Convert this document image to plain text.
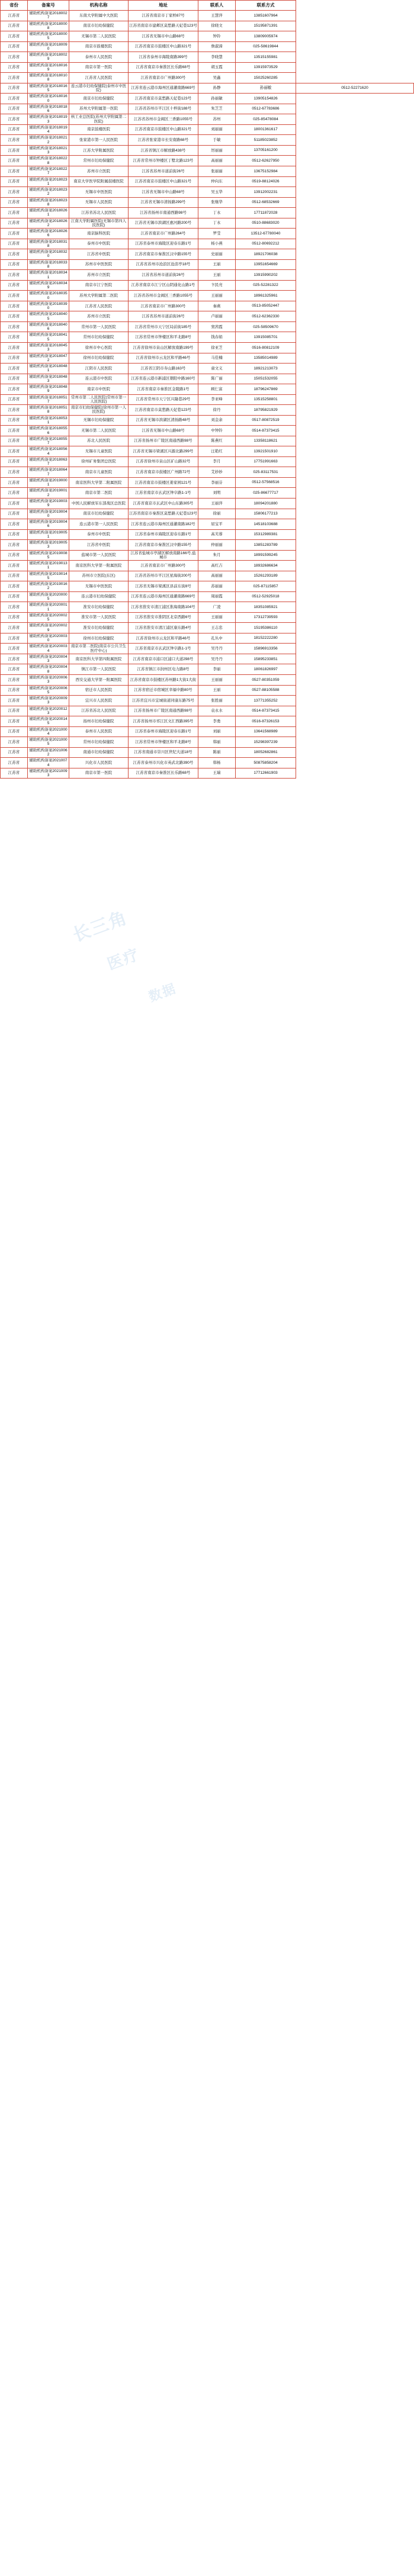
省份	备案号	机构名称	地址	联系人	联系方式	
江苏省	辅助机构备案20180027	东南大学附属中大医院	江苏省南京市丁家桥87号	王慧萍	13851607964	
江苏省	辅助机构备案20180008	南京市妇幼保健院	江苏省南京市建邺区莫愁路天妃巷123号	徐晓文	15195871391	
江苏省	辅助机构备案20180005	无锡市第二人民医院	江苏省无锡市中山路68号	钟铃	13809005974	
江苏省	辅助机构备案20180090	南京市鼓楼医院	江苏省南京市鼓楼区中山路321号	詹淑漳	025-58619844	
江苏省	辅助机构备案20180029	泰州市人民医院	江苏省泰州市海陵南路399号	李晓慧	13515155981	
江苏省	辅助机构备案20180169	南京市第一医院	江苏省南京市秦淮区长乐路68号	胡玉霞	13915973529	
江苏省	辅助机构备案20180108	江苏省人民医院	江苏省南京市广州路300号	吴鑫	15025260285	
江苏省	辅助机构备案20180165	连云港市妇幼保健院(泰州市中医院)	江苏省连云港市海州区通灌南路669号	孙静	孙丽敏	0512-52271620
江苏省	辅助机构备案20180160	南京市妇幼保健院	江苏省南京市莫愁路天妃巷123号	孙丽敏	13905154826	
江苏省	辅助机构备案20180186	苏州大学附属第一医院	江苏省苏州市平江区十梓街188号	朱芝芝	0512-67783686	
江苏省	辅助机构备案20180193	核工业总医院(苏州大学附属第二医院)	江苏省苏州市金阊区三香路1055号	苏州	025-85478084	
江苏省	辅助机构备案20180194	南京鼓楼医院	江苏省南京市鼓楼区中山路321号	刘丽丽	18001361617	
江苏省	辅助机构备案20180212	张家港市第一人民医院	江苏省张家港市长安南路68号	于敏	51185023852	
江苏省	辅助机构备案20180213	江苏大学附属医院	江苏省镇江市解放路438号	厉丽丽	13705161200	
江苏省	辅助机构备案20180228	常州市妇幼保健院	江苏省常州市钟楼区丁墅北路123号	高丽丽	0512-62627950	
江苏省	辅助机构备案20180227	苏州市立医院	江苏省苏州市道前街26号	张丽丽	13675152984	
江苏省	辅助机构备案20180231	南京大学医学院附属鼓楼医院	江苏省南京市鼓楼区中山路321号	仲向东	0519-88124026	
江苏省	辅助机构备案20180232	无锡市中医医院	江苏省无锡市中山路68号	吴玉华	13912002231	
江苏省	辅助机构备案20180238	无锡市人民医院	江苏省无锡市清扬路299号	张继华	0512-68532669	
江苏省	辅助机构备案20180261	江苏省苏北人民医院	江苏省扬州市南通西路98号	丁永	17711872028	
江苏省	辅助机构备案20180262	江南大学附属医院(无锡市第四人民医院)	江苏省无锡市滨湖区惠河路200号	丁永	0510-88683020	
江苏省	辅助机构备案20180266	南京脑科医院	江苏省南京市广州路264号	罗莹	13512-67780040	
江苏省	辅助机构备案20180318	泰州市中医院	江苏省泰州市海陵区迎春东路1号	杨小燕	0512-80692212	
江苏省	辅助机构备案20180320	江苏省中医院	江苏省南京市秦淮区汉中路155号	史丽丽	18921706038	
江苏省	辅助机构备案20180338	苏州市中医医院	江苏省苏州市沧浪区沧浪亭18号	王丽	13951654669	
江苏省	辅助机构备案20180341	苏州市立医院	江苏省苏州市道前街26号	王丽	13915990202	
江苏省	辅助机构备案20180349	南京市江宁医院	江苏省南京市江宁区山阴通化山路1号	卞民亮	025-52281322	
江苏省	辅助机构备案20180350	苏州大学附属第二医院	江苏省苏州市金阊区三香路1055号	王丽丽	18961325961	
江苏省	辅助机构备案20180390	江苏省人民医院	江苏省南京市广州路300号	秦燕	0513-85052447	
江苏省	辅助机构备案20180405	苏州市立医院	江苏省苏州市道前街26号	卢丽丽	0512-62362330	
江苏省	辅助机构备案20180406	常州市第一人民医院	江苏省常州市天宁区局前街185号	窦茜霞	025-58509670	
江苏省	辅助机构备案20180415	常州市妇幼保健院	江苏省常州市钟楼区和平北路8号	钱春娟	13915085701	
江苏省	辅助机构备案20180453	徐州市中心医院	江苏省徐州市泉山区解放南路199号	徐亚芝	0516-80812109	
江苏省	辅助机构备案20180472	徐州市妇幼保健院	江苏省徐州市云龙区和平路46号	马佳楠	13585014989	
江苏省	辅助机构备案20180481	江阴市人民医院	江苏省江阴市寿山路163号	童文义	18921213073	
江苏省	辅助机构备案20180483	连云港市中医院	江苏省连云港市新浦区朝阳中路160号	陈广丽	15051532055	
江苏省	辅助机构备案20180489	南京市中医院	江苏省南京市秦淮区金陵路1号	顾仁富	18796247869	
江苏省	辅助机构备案20180517	常州市第二人民医院(常州市第一人民医院)	江苏省常州市天宁区兴隆巷29号	李亚峰	13515258801	
江苏省	辅助机构备案20180518	南京市妇幼保健院(徐州市第一人民医院)	江苏省南京市莫愁路天妃巷123号	徐丹	18795821929	
江苏省	辅助机构备案20180531	无锡市妇幼保健院	江苏省无锡市滨湖区清扬路48号	刘金余	0517-80872519	
江苏省	辅助机构备案20180556	无锡市第二人民医院	江苏省无锡市中山路68号	中钟铃	0514-87373415	
江苏省	辅助机构备案20180557	苏北人民医院	江苏省扬州市广陵区南通西路98号	陈燕红	13358118621	
江苏省	辅助机构备案20180564	无锡市儿童医院	江苏省无锡市梁溪区兴源北路299号	汪艳红	13921501910	
江苏省	辅助机构备案20180637	徐州矿务集团总医院	江苏省徐州市泉山区矿山路32号	李月	17751991663	
江苏省	辅助机构备案20180647	南京市儿童医院	江苏省南京市鼓楼区广州路72号	艾妙妙	025-83117531	
江苏省	辅助机构备案20190001	南京医科大学第二附属医院	江苏省南京市鼓楼区姜家园121号	李丽芬	0512-57568516	
江苏省	辅助机构备案20190012	南京市第二医院	江苏省南京市玄武区钟阜路1-1号	刘明	025-86677717	
江苏省	辅助机构备案20190039	中国人民解放军东部战区总医院	江苏省南京市玄武区中山东路305号	王丽萍	18094201880	
江苏省	辅助机构备案20190040	南京市妇幼保健院	江苏省南京市秦淮区莫愁路天妃巷123号	徐丽	15806177213	
江苏省	辅助机构备案20190046	连云港市第一人民医院	江苏省连云港市海州区通灌南路182号	屈宝平	14518103688	
江苏省	辅助机构备案20190051	泰州市中医院	江苏省泰州市海陵区迎春东路1号	高芙蓉	15312989381	
江苏省	辅助机构备案20190053	江苏省中医院	江苏省南京市秦淮区汉中路155号	仲丽丽	13851283789	
江苏省	辅助机构备案20190085	盐城市第一人民医院	江苏省盐城市亭湖区解放南路166号,盐城市	朱月	18991599245	
江苏省	辅助机构备案20190131	南京医科大学第一附属医院	江苏省南京市广州路300号	高红吉	18932686634	
江苏省	辅助机构备案20190145	苏州市立医院(东区)	江苏省苏州市平江区星海街200号	高丽丽	15261293189	
江苏省	辅助机构备案20190162	无锡市中医医院	江苏省无锡市梁溪区县前东街8号	苏丽丽	025-87115857	
江苏省	辅助机构备案20200005	连云港市妇幼保健院	江苏省连云港市海州区通灌南路669号	周丽霞	0512-52925018	
江苏省	辅助机构备案20200011	淮安市妇幼保健院	江苏省淮安市清江浦区淮海南路104号	广凌	18351085921	
江苏省	辅助机构备案20200025	淮安市第一人民医院	江苏省淮安市淮阴区北京西路6号	王丽丽	17312739593	
江苏省	辅助机构备案20200029	淮安市妇幼保健院	江苏省淮安市清江浦区康东路4号	王志忠	15195386110	
江苏省	辅助机构备案20200030	徐州市妇幼保健院	江苏省徐州市云龙区和平路46号	孔丛中	18152222280	
江苏省	辅助机构备案20200034	南京市第二医院(南京市公共卫生医疗中心)	江苏省南京市玄武区钟阜路1-1号	吴丹丹	15896913356	
江苏省	辅助机构备案20200043	南京医科大学第四附属医院	江苏省南京市浦口区浦口大道298号	吴丹丹	15895233851	
江苏省	辅助机构备案20200048	镇江市第一人民医院	江苏省镇江市润州区电力路8号	李丽	18061826997	
江苏省	辅助机构备案20200063	西安交通大学第一附属医院	江苏省南京市鼓楼区苏州路1大街1大街	王丽丽	0527-80351059	
江苏省	辅助机构备案20200065	宿迁市人民医院	江苏省宿迁市宿城区幸福中路80号	王丽	0527-88105588	
江苏省	辅助机构备案20200093	宜兴市人民医院	江苏省宜兴市宜城街道同康东路75号	张胜丽	13771355252	
江苏省	辅助机构备案20200123	江苏省苏北人民医院	江苏省扬州市广陵区南通西路98号	袁永水	0514-87373415	
江苏省	辅助机构备案20200145	扬州市妇幼保健院	江苏省扬州市邗江区文汇西路395号	李勇	0516-87326153	
江苏省	辅助机构备案20210004	泰州市人民医院	江苏省泰州市海陵区迎春东路1号	刘丽	13641568989	
江苏省	辅助机构备案20210005	常州市妇幼保健院	江苏省常州市钟楼区和平北路8号	韩丽	15298397239	
江苏省	辅助机构备案20210062	南通市妇幼保健院	江苏省南通市崇川区世纪大道18号	陈丽	18052682861	
江苏省	辅助机构备案20210074	兴化市人民医院	江苏省泰州市兴化市英武北路390号	韩杨	50875858204	
江苏省	辅助机构备案20210093	南京市第一医院	江苏省南京市秦淮区长乐路68号	王瑞	17712661903	
长三角
医疗
数据
